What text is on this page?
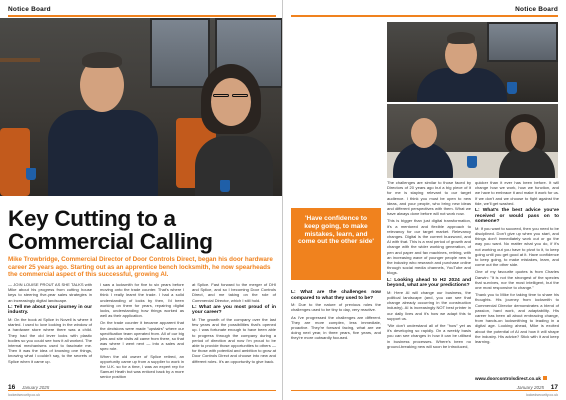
Notice Board
Key Cutting to a Commercial Calling

Mike Trowbridge, Commercial Director of Door Controls Direct, began his door hardware career 25 years ago. Starting out as an apprentice bench locksmith, he now spearheads the commercial aspect of this successful, growing AI.

— JOIN LOUISE PROUT AS SHE TALKS with Mike about his progress from cutting house keys to steering five-year sales strategies in an increasingly digital landscape.

L: Tell me about your journey in our industry.

M: On the book at Splice in Novell is where it started. I used to love looking in the window of a hardware store where there was a child. They had the old lever locks with plastic bodies so you could see how it all worked. The internal mechanisms used to fascinate me. Then it was the idea of knowing one things, knowing what I couldn't say, to the secrets of Splice when it came up.

I saw a locksmith for five to six years before moving onto the trade counter. That's where I think I really learnt the trade. I had a solid understanding of locks by then, I'd been working on them for years, repairing digital locks, understanding how things worked as well as their application.

On the trade counter it became apparent that the decisions were made "upstairs" where our specification team operated from. All of our big jobs and site visits all came from there, so that was where I went next — into a sales and spec role.

When the old owner of Splice retired, an opportunity came up from a supplier to work in the U.K. so for a time, I was an expert rep for Samuel Heath but was enticed back by a more senior position

at Splice. Fast forward to the merger of DHI and Splice, and so I becoming Door Controls Direct, and me taking on the role of Commercial Director, which I still hold.

L: What are you most proud of in your career?

M: The growth of the company over the last few years and the possibilities that's opened up. I was fortunate enough to have been able to progress through the company during a period of direction and now I'm proud to be able to provide those opportunities to others — for those with potential and ambition to grow at Door Controls Direct and choose into new and different roles. It's an opportunity to give back.

16 January 2025
lockedsecurity.co.uk
Notice Board
'Have confidence to keep going, to make mistakes, learn, and come out the other side'

L: What are the challenges now compared to what they used to be?

M: Due to the nature of previous roles the challenges used to be tiny to day, very reactive.

As I've progressed the challenges are different. They are more complex, less immediate, proactive. They're forward facing, what are we doing next year, in three years, five years, and they're more outwardly focused.

The challenges are similar to those faced by Directors of 20 years ago but a big piece of it for me is staying relevant to our target audience. I think you must be open to new ideas, and your people, who bring new ideas and different perspectives with them. What we have always done before will not work now.

This is bigger than just digital transformation, it's a mentored and flexible approach to relevancy for our target market. Relevancy changes. Digital is the current buzzword, and AI with that. This is a real period of growth and change with the wider working generation, of pen and paper and fax machines, retiring, with an increasing wave of younger people new to the industry who research and purchase online through social media channels, YouTube and blogs.

L: Looking ahead to H2 2024 and beyond, what are your predictions?

M: Here AI will change our business, the political landscape (and, you can see that change already occurring in the construction industry). AI is increasingly NOT best printer in our daily lives and it's how we adapt this to support us.

"We don't understand all of the "how" yet as it's developing so rapidly. On a weekly basis you can see changes in how it can be utilised in business processes. Where's been no ground-breaking new will soon be introduced,

quicker than it ever has been before. It will change how we work, how we function, and we have to embrace it and make it work for us. If we don't and we choose to fight against the tide, we'll get washed.

L: What's the best advice you've received or would pass on to someone?

M: If you want to succeed, then you need to be disciplined. Don't give up when you start, and things don't immediately work out or go the way you want. No matter what you do, if it's not working out you have to pivot to it, to keep going until you get good at it. Have confidence to keep going, to make mistakes, learn, and come out the other side.

One of my favourite quotes is from Charles Darwin: "It is not the strongest of the species that survives, nor the most intelligent, but the one most responsive to change."

Thank you to Mike for taking time to share his thoughts. His journey from locksmith to Commercial Director demonstrates a blend of passion, hard work, and adaptability. His career has been all about embracing change, from hands-on locksmithing to leading in a digital age. Looking ahead, Mike is excited about the potential of AI and how it will shape the industry. His advice? Stick with it and keep learning.

www.doorcontrolsdirect.co.uk
January 2025 17
lockedsecurity.co.uk
